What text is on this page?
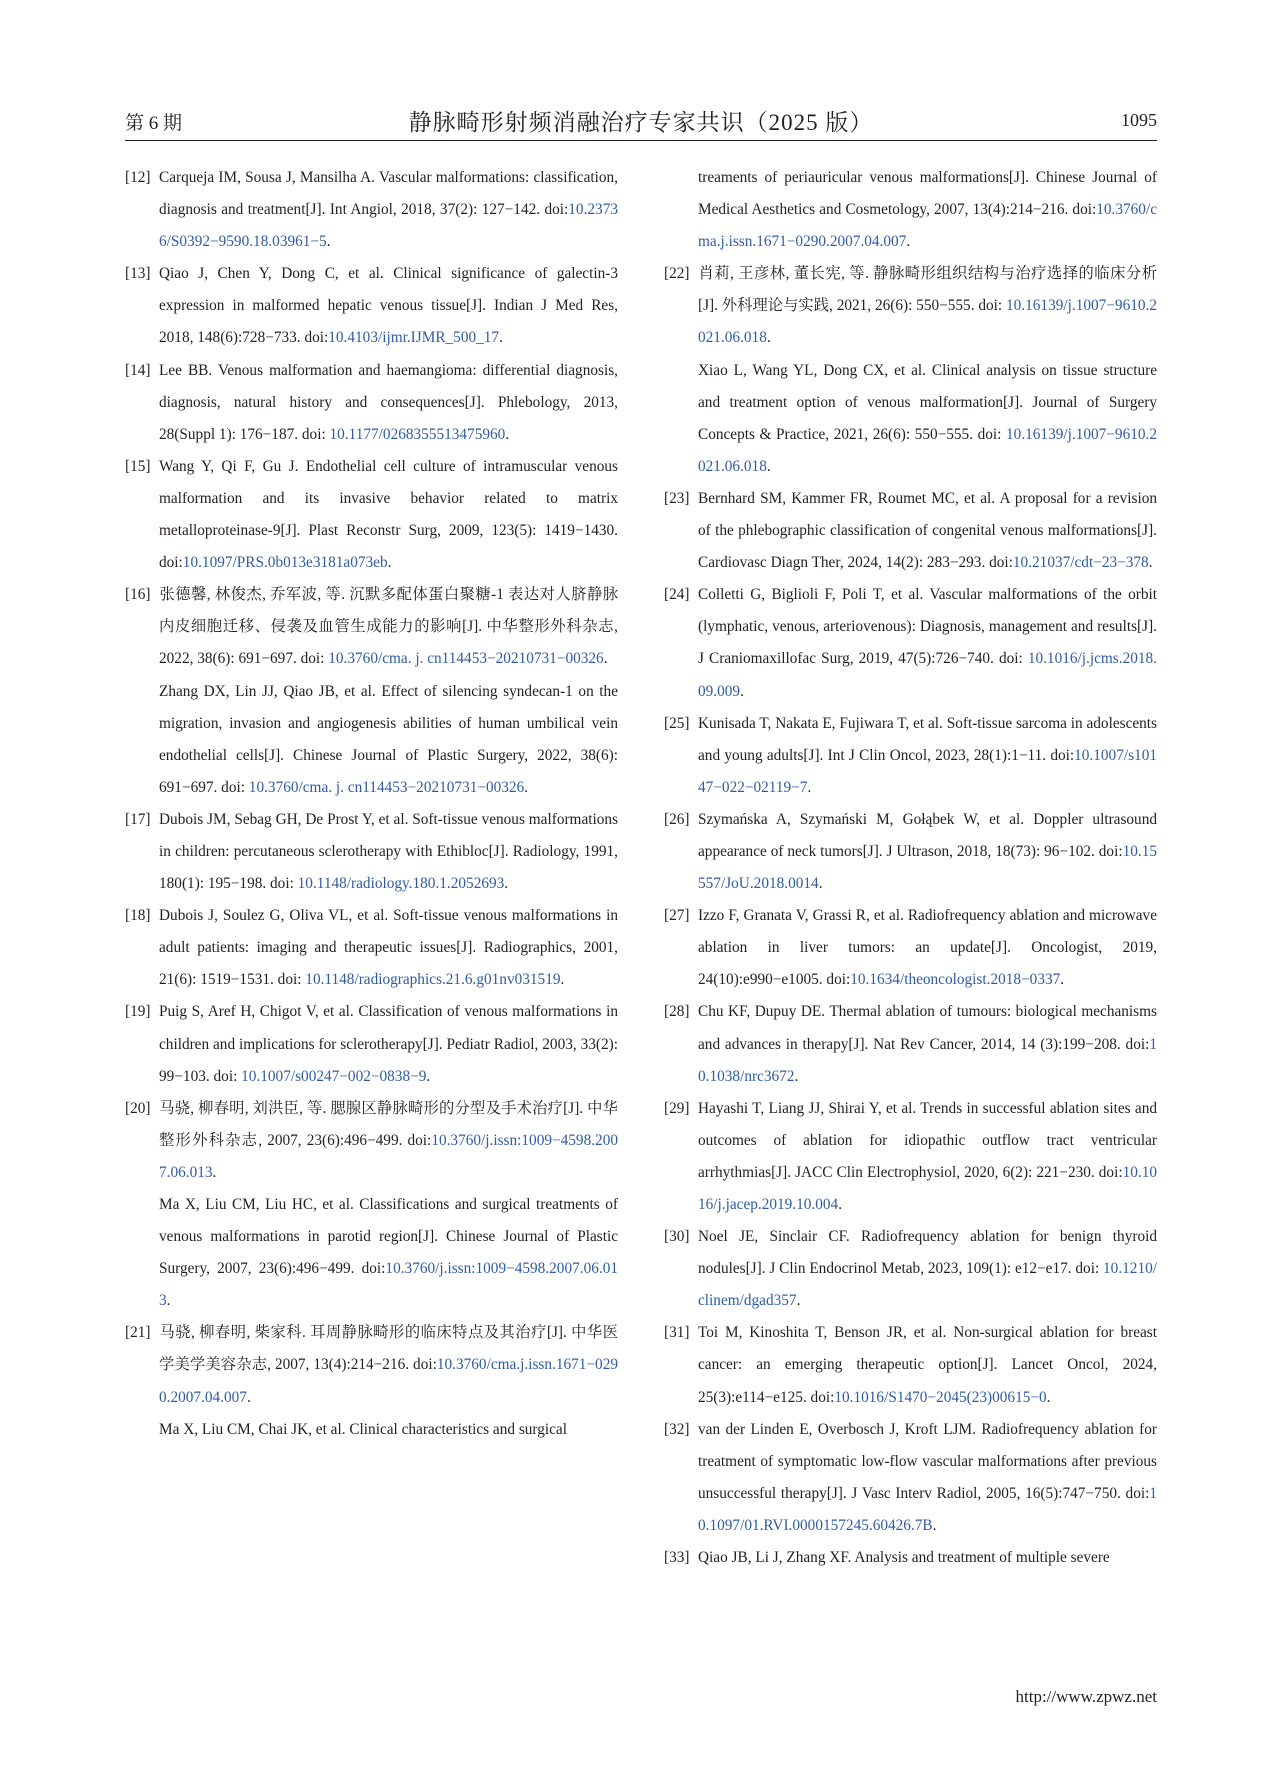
第 6 期	静脉畸形射频消融治疗专家共识（2025 版）	1095
[12] Carqueja IM, Sousa J, Mansilha A. Vascular malformations: classification, diagnosis and treatment[J]. Int Angiol, 2018, 37(2): 127−142. doi:10.23736/S0392−9590.18.03961−5.
[13] Qiao J, Chen Y, Dong C, et al. Clinical significance of galectin-3 expression in malformed hepatic venous tissue[J]. Indian J Med Res, 2018, 148(6):728−733. doi:10.4103/ijmr.IJMR_500_17.
[14] Lee BB. Venous malformation and haemangioma: differential diagnosis, diagnosis, natural history and consequences[J]. Phlebology, 2013, 28(Suppl 1): 176−187. doi: 10.1177/0268355513475960.
[15] Wang Y, Qi F, Gu J. Endothelial cell culture of intramuscular venous malformation and its invasive behavior related to matrix metalloproteinase-9[J]. Plast Reconstr Surg, 2009, 123(5): 1419−1430. doi:10.1097/PRS.0b013e3181a073eb.
[16] 张德馨, 林俊杰, 乔军波, 等. 沉默多配体蛋白聚糖-1 表达对人脐静脉内皮细胞迁移、侵袭及血管生成能力的影响[J]. 中华整形外科杂志, 2022, 38(6): 691−697. doi: 10.3760/cma. j. cn114453−20210731−00326.
Zhang DX, Lin JJ, Qiao JB, et al. Effect of silencing syndecan-1 on the migration, invasion and angiogenesis abilities of human umbilical vein endothelial cells[J]. Chinese Journal of Plastic Surgery, 2022, 38(6): 691−697. doi: 10.3760/cma. j. cn114453−20210731−00326.
[17] Dubois JM, Sebag GH, De Prost Y, et al. Soft-tissue venous malformations in children: percutaneous sclerotherapy with Ethibloc[J]. Radiology, 1991, 180(1): 195−198. doi: 10.1148/radiology.180.1.2052693.
[18] Dubois J, Soulez G, Oliva VL, et al. Soft-tissue venous malformations in adult patients: imaging and therapeutic issues[J]. Radiographics, 2001, 21(6): 1519−1531. doi: 10.1148/radiographics.21.6.g01nv031519.
[19] Puig S, Aref H, Chigot V, et al. Classification of venous malformations in children and implications for sclerotherapy[J]. Pediatr Radiol, 2003, 33(2): 99−103. doi: 10.1007/s00247−002−0838−9.
[20] 马骁, 柳春明, 刘洪臣, 等. 腮腺区静脉畸形的分型及手术治疗[J]. 中华整形外科杂志, 2007, 23(6):496−499. doi:10.3760/j.issn:1009−4598.2007.06.013.
Ma X, Liu CM, Liu HC, et al. Classifications and surgical treatments of venous malformations in parotid region[J]. Chinese Journal of Plastic Surgery, 2007, 23(6):496−499. doi:10.3760/j.issn:1009−4598.2007.06.013.
[21] 马骁, 柳春明, 柴家科. 耳周静脉畸形的临床特点及其治疗[J]. 中华医学美学美容杂志, 2007, 13(4):214−216. doi:10.3760/cma.j.issn.1671−0290.2007.04.007.
Ma X, Liu CM, Chai JK, et al. Clinical characteristics and surgical
treaments of periauricular venous malformations[J]. Chinese Journal of Medical Aesthetics and Cosmetology, 2007, 13(4):214−216. doi:10.3760/cma.j.issn.1671−0290.2007.04.007.
[22] 肖莉, 王彦林, 董长宪, 等. 静脉畸形组织结构与治疗选择的临床分析[J]. 外科理论与实践, 2021, 26(6): 550−555. doi: 10.16139/j.1007−9610.2021.06.018.
Xiao L, Wang YL, Dong CX, et al. Clinical analysis on tissue structure and treatment option of venous malformation[J]. Journal of Surgery Concepts & Practice, 2021, 26(6): 550−555. doi: 10.16139/j.1007−9610.2021.06.018.
[23] Bernhard SM, Kammer FR, Roumet MC, et al. A proposal for a revision of the phlebographic classification of congenital venous malformations[J]. Cardiovasc Diagn Ther, 2024, 14(2): 283−293. doi:10.21037/cdt−23−378.
[24] Colletti G, Biglioli F, Poli T, et al. Vascular malformations of the orbit (lymphatic, venous, arteriovenous): Diagnosis, management and results[J]. J Craniomaxillofac Surg, 2019, 47(5):726−740. doi: 10.1016/j.jcms.2018.09.009.
[25] Kunisada T, Nakata E, Fujiwara T, et al. Soft-tissue sarcoma in adolescents and young adults[J]. Int J Clin Oncol, 2023, 28(1):1−11. doi:10.1007/s10147−022−02119−7.
[26] Szymańska A, Szymański M, Gołąbek W, et al. Doppler ultrasound appearance of neck tumors[J]. J Ultrason, 2018, 18(73): 96−102. doi:10.15557/JoU.2018.0014.
[27] Izzo F, Granata V, Grassi R, et al. Radiofrequency ablation and microwave ablation in liver tumors: an update[J]. Oncologist, 2019, 24(10):e990−e1005. doi:10.1634/theoncologist.2018−0337.
[28] Chu KF, Dupuy DE. Thermal ablation of tumours: biological mechanisms and advances in therapy[J]. Nat Rev Cancer, 2014, 14 (3):199−208. doi:10.1038/nrc3672.
[29] Hayashi T, Liang JJ, Shirai Y, et al. Trends in successful ablation sites and outcomes of ablation for idiopathic outflow tract ventricular arrhythmias[J]. JACC Clin Electrophysiol, 2020, 6(2): 221−230. doi:10.1016/j.jacep.2019.10.004.
[30] Noel JE, Sinclair CF. Radiofrequency ablation for benign thyroid nodules[J]. J Clin Endocrinol Metab, 2023, 109(1): e12−e17. doi: 10.1210/clinem/dgad357.
[31] Toi M, Kinoshita T, Benson JR, et al. Non-surgical ablation for breast cancer: an emerging therapeutic option[J]. Lancet Oncol, 2024, 25(3):e114−e125. doi:10.1016/S1470−2045(23)00615−0.
[32] van der Linden E, Overbosch J, Kroft LJM. Radiofrequency ablation for treatment of symptomatic low-flow vascular malformations after previous unsuccessful therapy[J]. J Vasc Interv Radiol, 2005, 16(5):747−750. doi:10.1097/01.RVI.0000157245.60426.7B.
[33] Qiao JB, Li J, Zhang XF. Analysis and treatment of multiple severe
http://www.zpwz.net
